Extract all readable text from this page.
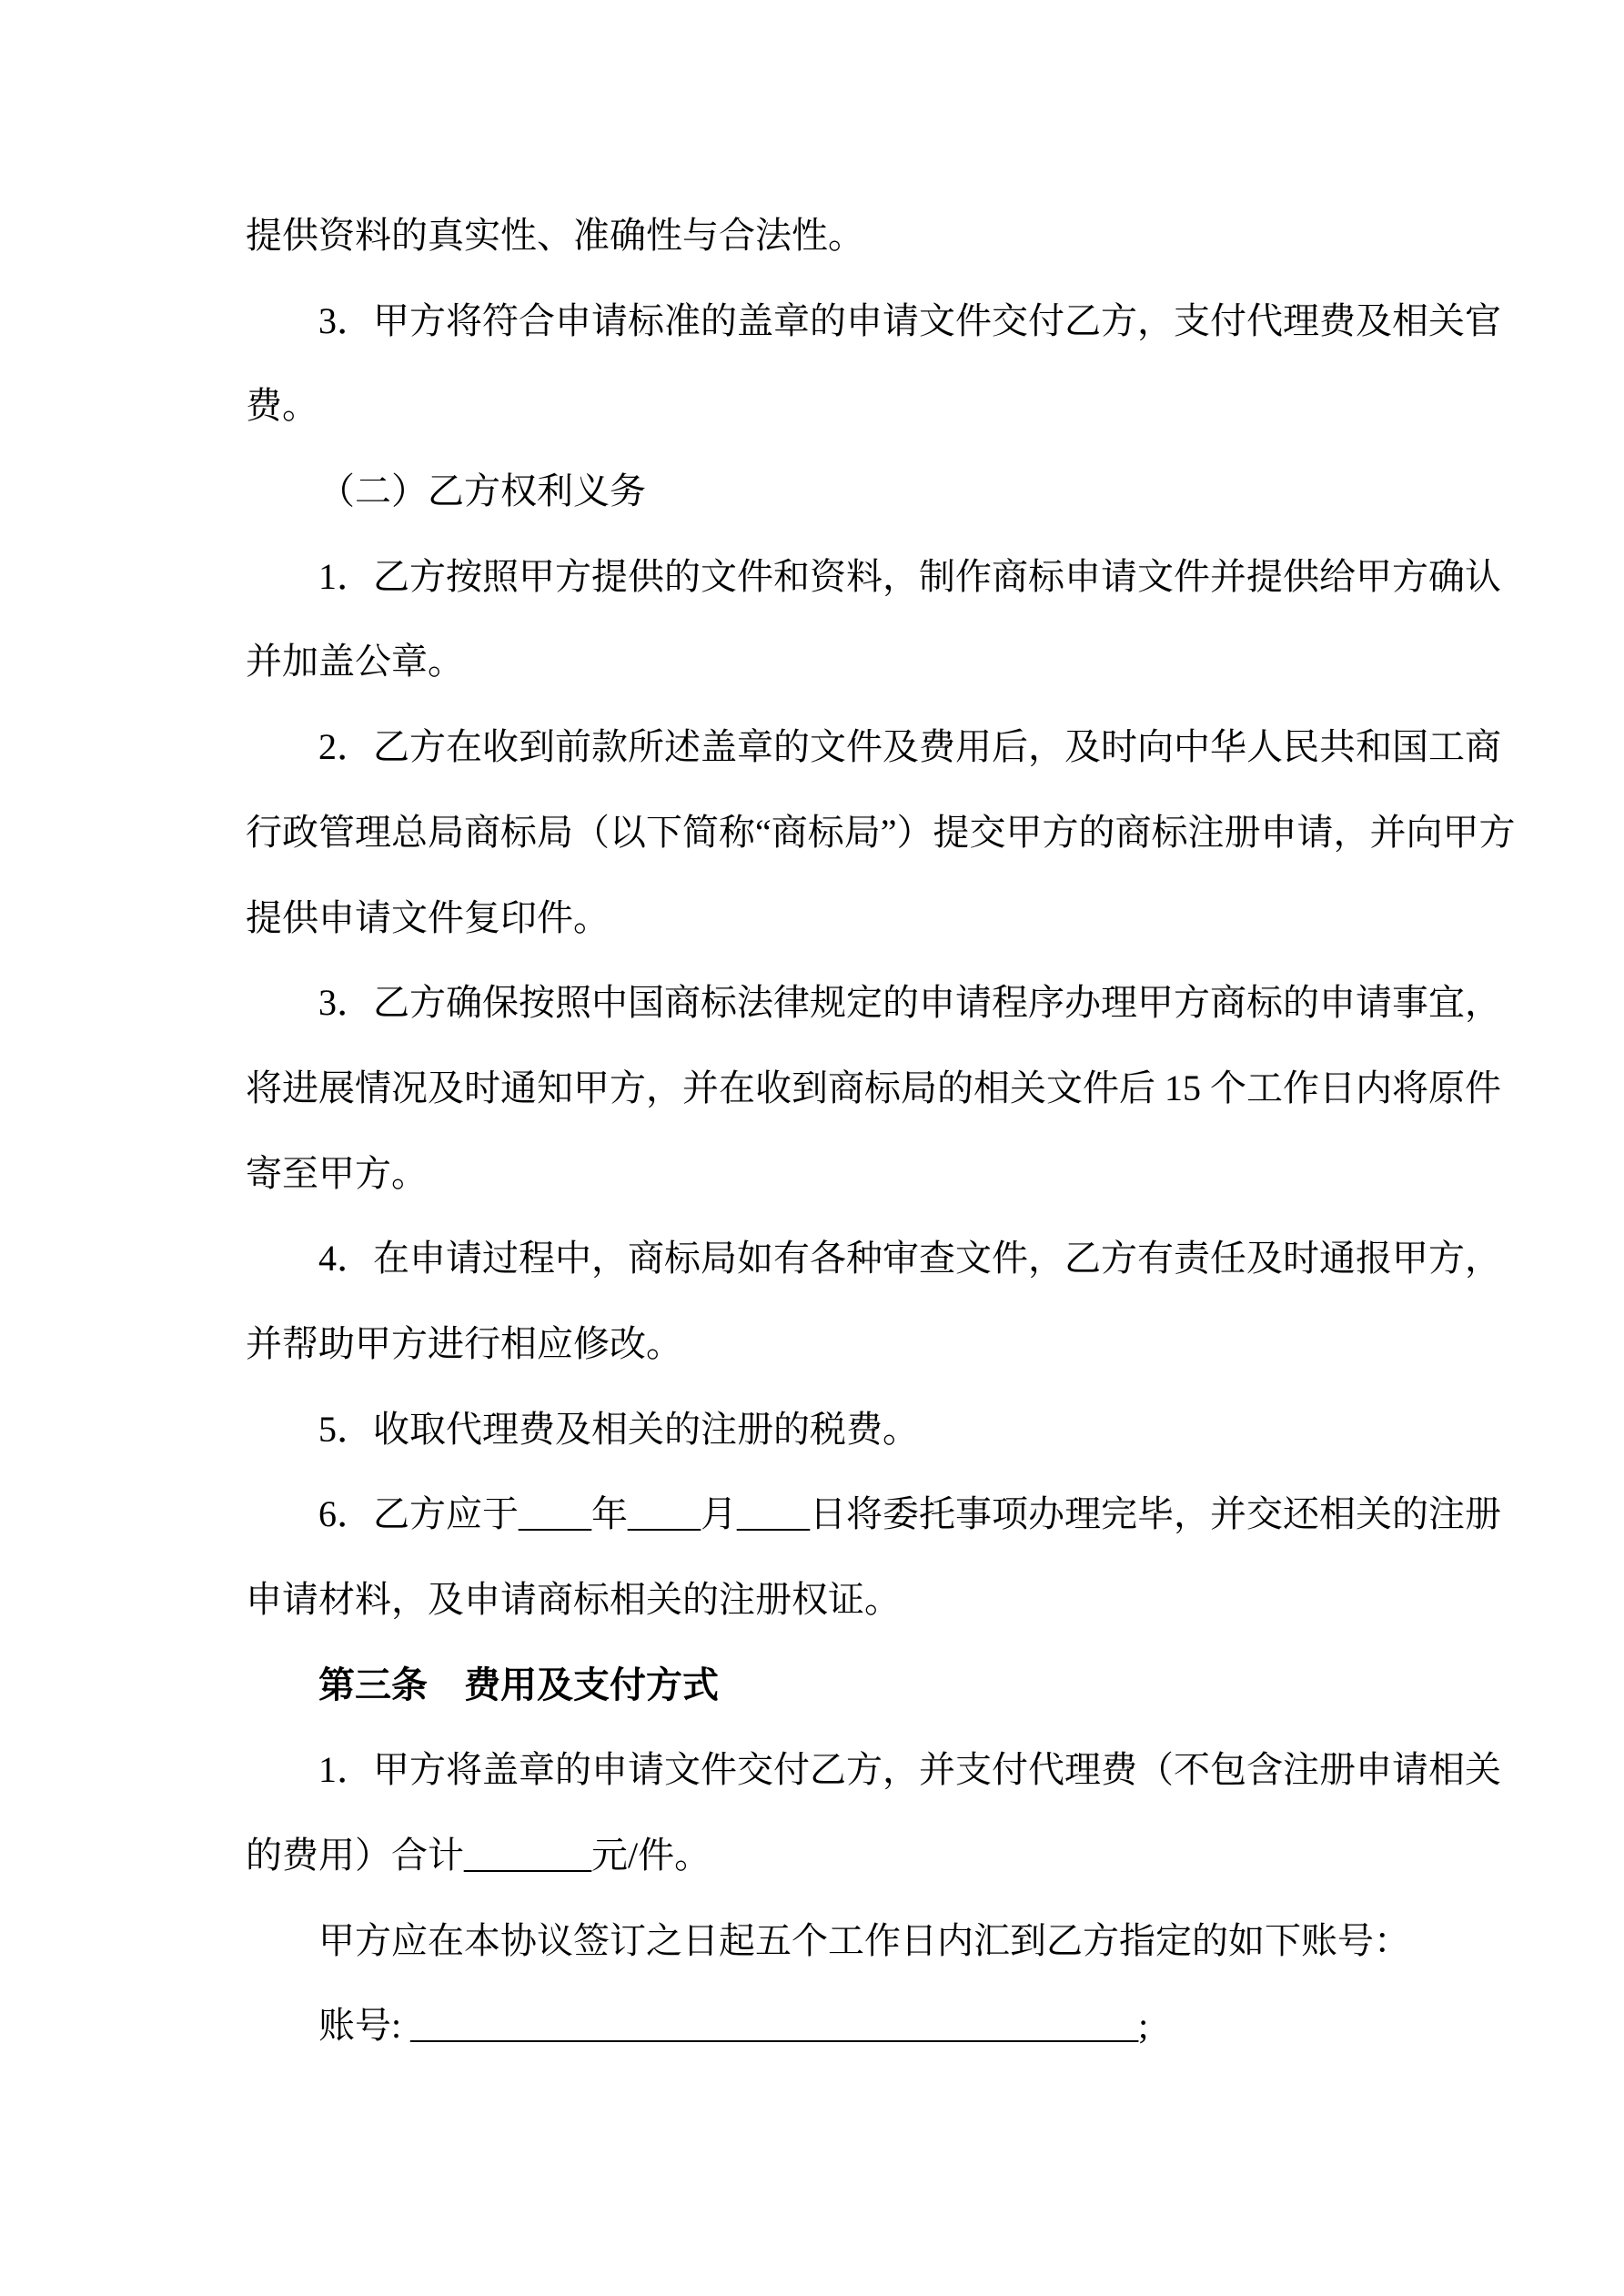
提供资料的真实性、准确性与合法性。
3．甲方将符合申请标准的盖章的申请文件交付乙方，支付代理费及相关官
费。
（二）乙方权利义务
1．乙方按照甲方提供的文件和资料，制作商标申请文件并提供给甲方确认
并加盖公章。
2．乙方在收到前款所述盖章的文件及费用后，及时向中华人民共和国工商
行政管理总局商标局（以下简称“商标局”）提交甲方的商标注册申请，并向甲方
提供申请文件复印件。
3．乙方确保按照中国商标法律规定的申请程序办理甲方商标的申请事宜，
将进展情况及时通知甲方，并在收到商标局的相关文件后 15 个工作日内将原件
寄至甲方。
4．在申请过程中，商标局如有各种审查文件，乙方有责任及时通报甲方，
并帮助甲方进行相应修改。
5．收取代理费及相关的注册的税费。
6．乙方应于____年____月____日将委托事项办理完毕，并交还相关的注册
申请材料，及申请商标相关的注册权证。
第三条　费用及支付方式
1．甲方将盖章的申请文件交付乙方，并支付代理费（不包含注册申请相关
的费用）合计_______元/件。
甲方应在本协议签订之日起五个工作日内汇到乙方指定的如下账号：
账号: ________________________________________;
